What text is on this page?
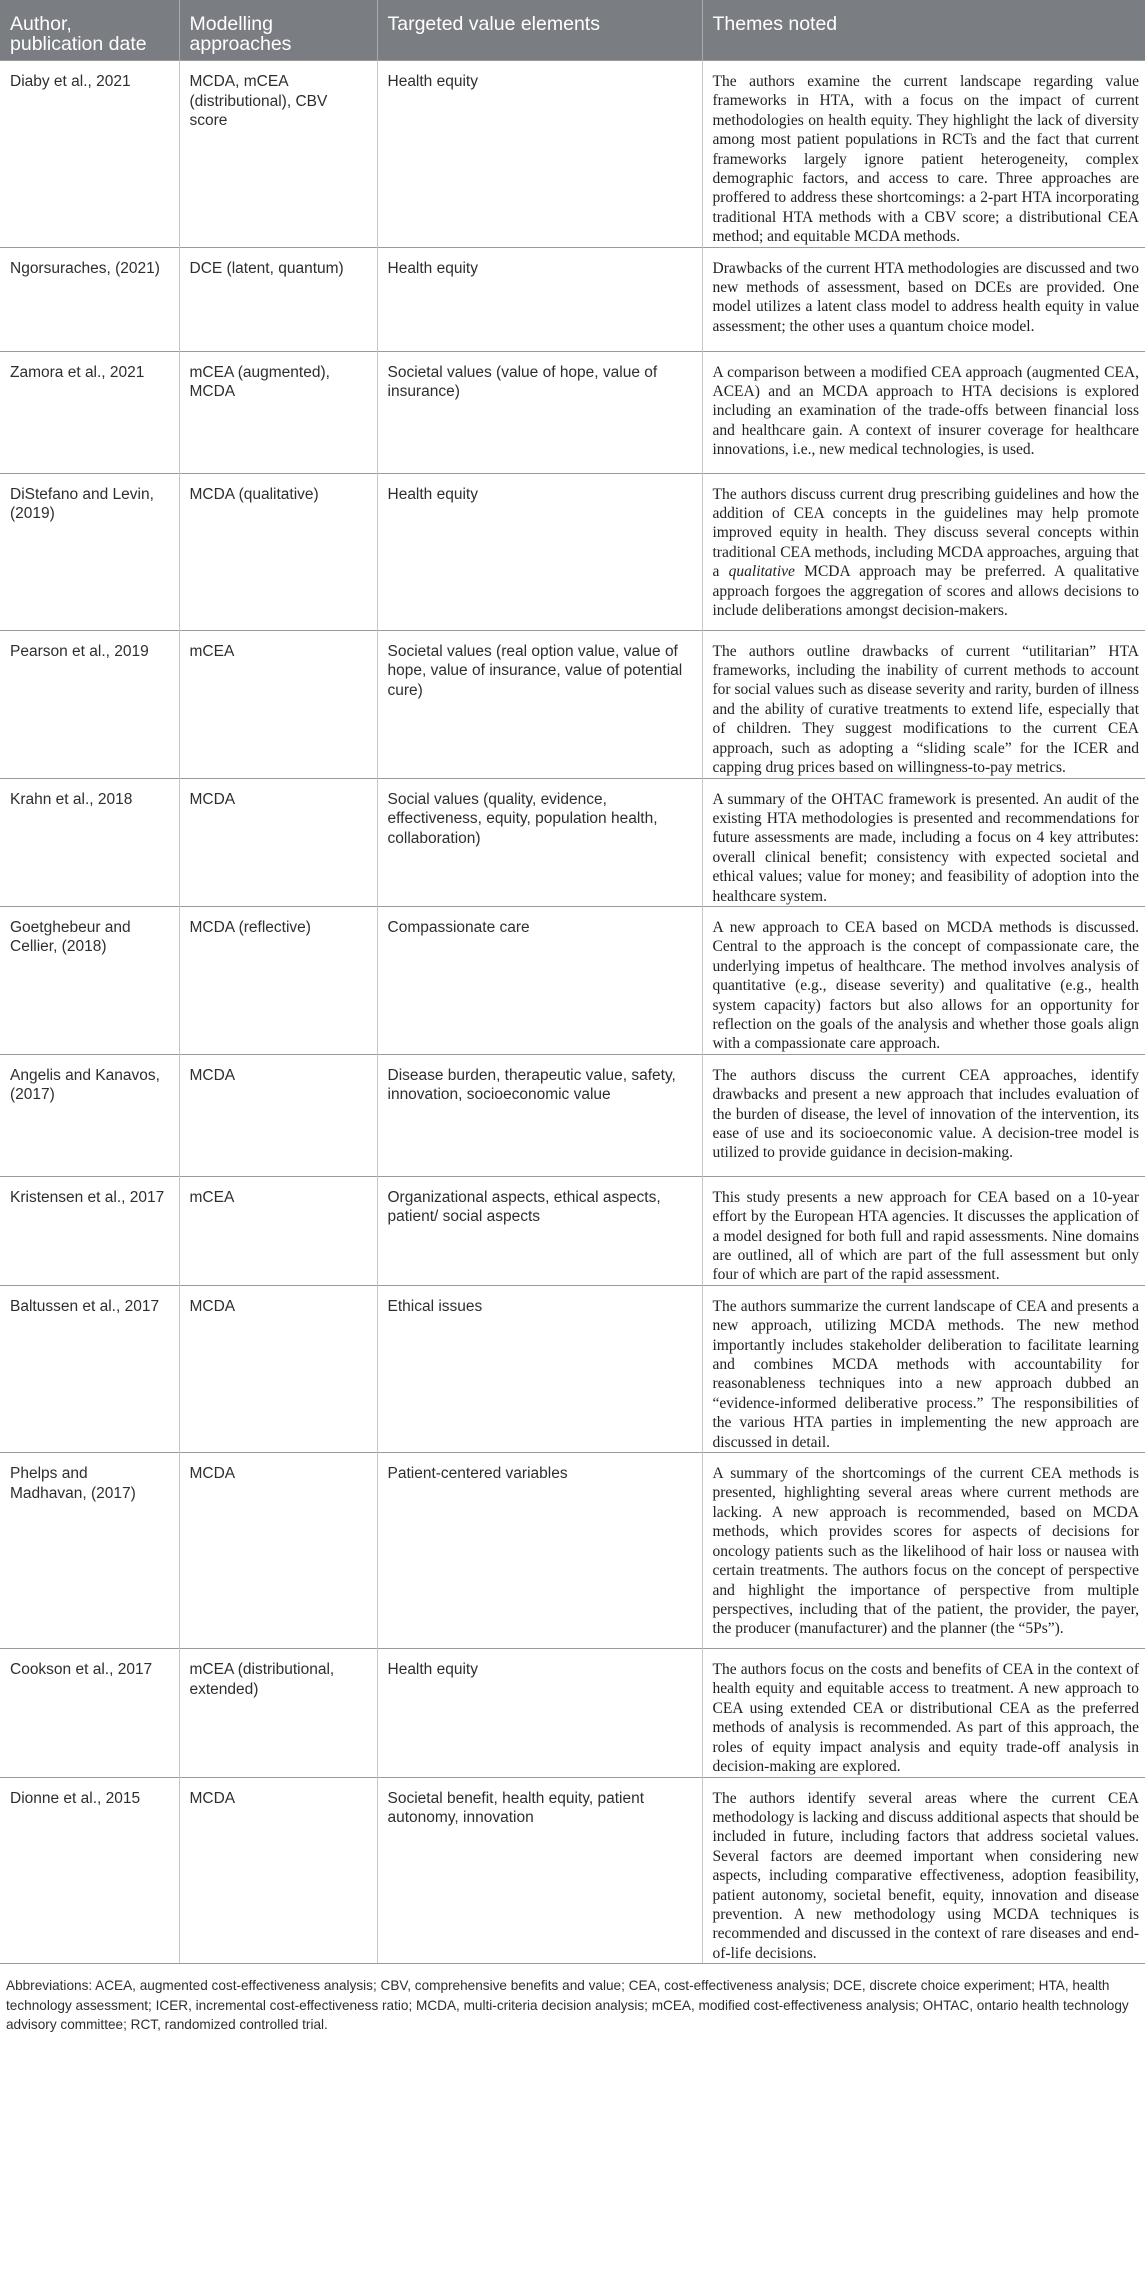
Author, publication date	Modelling approaches	Targeted value elements	Themes noted
Diaby et al., 2021	MCDA, mCEA (distributional), CBV score	Health equity	The authors examine the current landscape regarding value frameworks in HTA, with a focus on the impact of current methodologies on health equity. They highlight the lack of diversity among most patient populations in RCTs and the fact that current frameworks largely ignore patient heterogeneity, complex demographic factors, and access to care. Three approaches are proffered to address these shortcomings: a 2-part HTA incorporating traditional HTA methods with a CBV score; a distributional CEA method; and equitable MCDA methods.
Ngorsuraches, (2021)	DCE (latent, quantum)	Health equity	Drawbacks of the current HTA methodologies are discussed and two new methods of assessment, based on DCEs are provided. One model utilizes a latent class model to address health equity in value assessment; the other uses a quantum choice model.
Zamora et al., 2021	mCEA (augmented), MCDA	Societal values (value of hope, value of insurance)	A comparison between a modified CEA approach (augmented CEA, ACEA) and an MCDA approach to HTA decisions is explored including an examination of the trade-offs between financial loss and healthcare gain. A context of insurer coverage for healthcare innovations, i.e., new medical technologies, is used.
DiStefano and Levin, (2019)	MCDA (qualitative)	Health equity	The authors discuss current drug prescribing guidelines and how the addition of CEA concepts in the guidelines may help promote improved equity in health. They discuss several concepts within traditional CEA methods, including MCDA approaches, arguing that a qualitative MCDA approach may be preferred. A qualitative approach forgoes the aggregation of scores and allows decisions to include deliberations amongst decision-makers.
Pearson et al., 2019	mCEA	Societal values (real option value, value of hope, value of insurance, value of potential cure)	The authors outline drawbacks of current “utilitarian” HTA frameworks, including the inability of current methods to account for social values such as disease severity and rarity, burden of illness and the ability of curative treatments to extend life, especially that of children. They suggest modifications to the current CEA approach, such as adopting a “sliding scale” for the ICER and capping drug prices based on willingness-to-pay metrics.
Krahn et al., 2018	MCDA	Social values (quality, evidence, effectiveness, equity, population health, collaboration)	A summary of the OHTAC framework is presented. An audit of the existing HTA methodologies is presented and recommendations for future assessments are made, including a focus on 4 key attributes: overall clinical benefit; consistency with expected societal and ethical values; value for money; and feasibility of adoption into the healthcare system.
Goetghebeur and Cellier, (2018)	MCDA (reflective)	Compassionate care	A new approach to CEA based on MCDA methods is discussed. Central to the approach is the concept of compassionate care, the underlying impetus of healthcare. The method involves analysis of quantitative (e.g., disease severity) and qualitative (e.g., health system capacity) factors but also allows for an opportunity for reflection on the goals of the analysis and whether those goals align with a compassionate care approach.
Angelis and Kanavos, (2017)	MCDA	Disease burden, therapeutic value, safety, innovation, socioeconomic value	The authors discuss the current CEA approaches, identify drawbacks and present a new approach that includes evaluation of the burden of disease, the level of innovation of the intervention, its ease of use and its socioeconomic value. A decision-tree model is utilized to provide guidance in decision-making.
Kristensen et al., 2017	mCEA	Organizational aspects, ethical aspects, patient/ social aspects	This study presents a new approach for CEA based on a 10-year effort by the European HTA agencies. It discusses the application of a model designed for both full and rapid assessments. Nine domains are outlined, all of which are part of the full assessment but only four of which are part of the rapid assessment.
Baltussen et al., 2017	MCDA	Ethical issues	The authors summarize the current landscape of CEA and presents a new approach, utilizing MCDA methods. The new method importantly includes stakeholder deliberation to facilitate learning and combines MCDA methods with accountability for reasonableness techniques into a new approach dubbed an “evidence-informed deliberative process.” The responsibilities of the various HTA parties in implementing the new approach are discussed in detail.
Phelps and Madhavan, (2017)	MCDA	Patient-centered variables	A summary of the shortcomings of the current CEA methods is presented, highlighting several areas where current methods are lacking. A new approach is recommended, based on MCDA methods, which provides scores for aspects of decisions for oncology patients such as the likelihood of hair loss or nausea with certain treatments. The authors focus on the concept of perspective and highlight the importance of perspective from multiple perspectives, including that of the patient, the provider, the payer, the producer (manufacturer) and the planner (the “5Ps”).
Cookson et al., 2017	mCEA (distributional, extended)	Health equity	The authors focus on the costs and benefits of CEA in the context of health equity and equitable access to treatment. A new approach to CEA using extended CEA or distributional CEA as the preferred methods of analysis is recommended. As part of this approach, the roles of equity impact analysis and equity trade-off analysis in decision-making are explored.
Dionne et al., 2015	MCDA	Societal benefit, health equity, patient autonomy, innovation	The authors identify several areas where the current CEA methodology is lacking and discuss additional aspects that should be included in future, including factors that address societal values. Several factors are deemed important when considering new aspects, including comparative effectiveness, adoption feasibility, patient autonomy, societal benefit, equity, innovation and disease prevention. A new methodology using MCDA techniques is recommended and discussed in the context of rare diseases and end-of-life decisions.
Abbreviations: ACEA, augmented cost-effectiveness analysis; CBV, comprehensive benefits and value; CEA, cost-effectiveness analysis; DCE, discrete choice experiment; HTA, health technology assessment; ICER, incremental cost-effectiveness ratio; MCDA, multi-criteria decision analysis; mCEA, modified cost-effectiveness analysis; OHTAC, ontario health technology advisory committee; RCT, randomized controlled trial.
